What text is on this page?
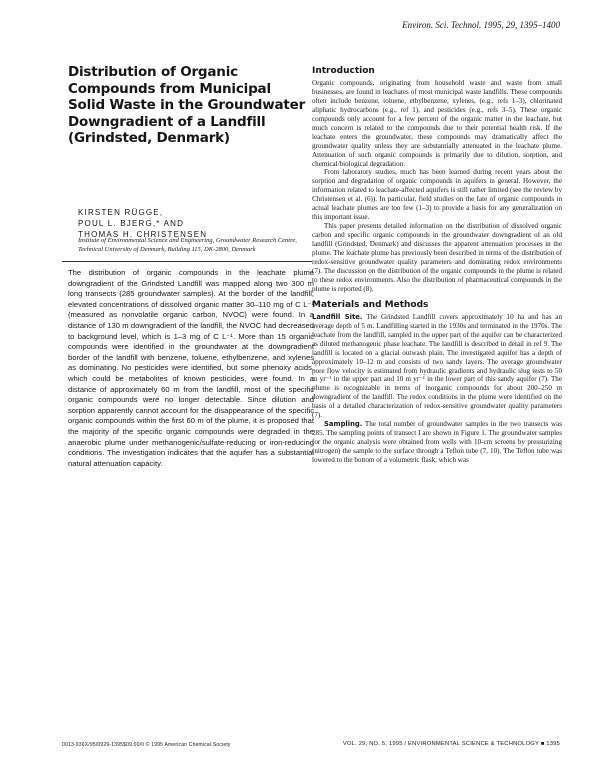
Environ. Sci. Technol. 1995, 29, 1395–1400
Distribution of Organic Compounds from Municipal Solid Waste in the Groundwater Downgradient of a Landfill (Grindsted, Denmark)
KIRSTEN RÜGGE,
POUL L. BJERG,* AND
THOMAS H. CHRISTENSEN
Institute of Environmental Science and Engineering, Groundwater Research Centre, Technical University of Denmark, Building 115, DK-2800, Denmark
The distribution of organic compounds in the leachate plume downgradient of the Grindsted Landfill was mapped along two 300 m long transects (285 groundwater samples). At the border of the landfill, elevated concentrations of dissolved organic matter 30–110 mg of C L⁻¹ (measured as nonvolatile organic carbon, NVOC) were found. In a distance of 130 m downgradient of the landfill, the NVOC had decreased to background level, which is 1–3 mg of C L⁻¹. More than 15 organic compounds were identified in the groundwater at the downgradient border of the landfill with benzene, toluene, ethylbenzene, and xylenes as dominating. No pesticides were identified, but some phenoxy acids, which could be metabolites of known pesticides, were found. In a distance of approximately 60 m from the landfill, most of the specific organic compounds were no longer detectable. Since dilution and sorption apparently cannot account for the disappearance of the specific organic compounds within the first 60 m of the plume, it is proposed that the majority of the specific organic compounds were degraded in the anaerobic plume under methanogenic/sulfate-reducing or iron-reducing conditions. The investigation indicates that the aquifer has a substantial natural attenuation capacity.
Introduction

Organic compounds, originating from household waste and waste from small businesses, are found in leachates of most municipal waste landfills. These compounds often include benzene, toluene, ethylbenzene, xylenes, (e.g., refs 1–3), chlorinated aliphatic hydrocarbons (e.g., ref 1), and pesticides (e.g., refs 3–5). These organic compounds only account for a few percent of the organic matter in the leachate, but much concern is related to the compounds due to their potential health risk. If the leachate enters the groundwater, these compounds may dramatically affect the groundwater quality unless they are substantially attenuated in the leachate plume. Attenuation of such organic compounds is primarily due to dilution, sorption, and chemical/biological degradation.

From laboratory studies, much has been learned during recent years about the sorption and degradation of organic compounds in aquifers in general. However, the information related to leachate-affected aquifers is still rather limited (see the review by Christensen et al. (6)). In particular, field studies on the fate of organic compounds in actual leachate plumes are too few (1–3) to provide a basis for any generalization on this important issue.

This paper presents detailed information on the distribution of dissolved organic carbon and specific organic compounds in the groundwater downgradient of an old landfill (Grindsted, Denmark) and discusses the apparent attenuation processes in the plume. The leachate plume has previously been described in terms of the distribution of redox-sensitive groundwater quality parameters and dominating redox environments (7). The discussion on the distribution of the organic compounds in the plume is related to these redox environments. Also the distribution of pharmaceutical compounds in the plume is reported (8).

Materials and Methods

Landfill Site. The Grindsted Landfill covers approximately 10 ha and has an average depth of 5 m. Landfilling started in the 1930s and terminated in the 1970s. The leachate from the landfill, sampled in the upper part of the aquifer can be characterized as diluted methanogenic phase leachate. The landfill is described in detail in ref 9. The landfill is located on a glacial outwash plain. The investigated aquifer has a depth of approximately 10–12 m and consists of two sandy layers. The average groundwater pore flow velocity is estimated from hydraulic gradients and hydraulic slug tests to 50 m yr⁻¹ in the upper part and 10 m yr⁻¹ in the lower part of this sandy aquifer (7). The plume is recognizable in terms of inorganic compounds for about 200–250 m downgradient of the landfill. The redox conditions in the plume were identified on the basis of a detailed characterization of redox-sensitive groundwater quality parameters (7).

Sampling. The total number of groundwater samples in the two transects was 285. The sampling points of transect I are shown in Figure 1. The groundwater samples for the organic analysis were obtained from wells with 10-cm screens by pressurizing (nitrogen) the sample to the surface through a Teflon tube (7, 10). The Teflon tube was lowered to the bottom of a volumetric flask, which was

0013-936X/95/0929-1395$09.00/0 © 1995 American Chemical Society	VOL. 29, NO. 5, 1995 / ENVIRONMENTAL SCIENCE & TECHNOLOGY ■ 1395
